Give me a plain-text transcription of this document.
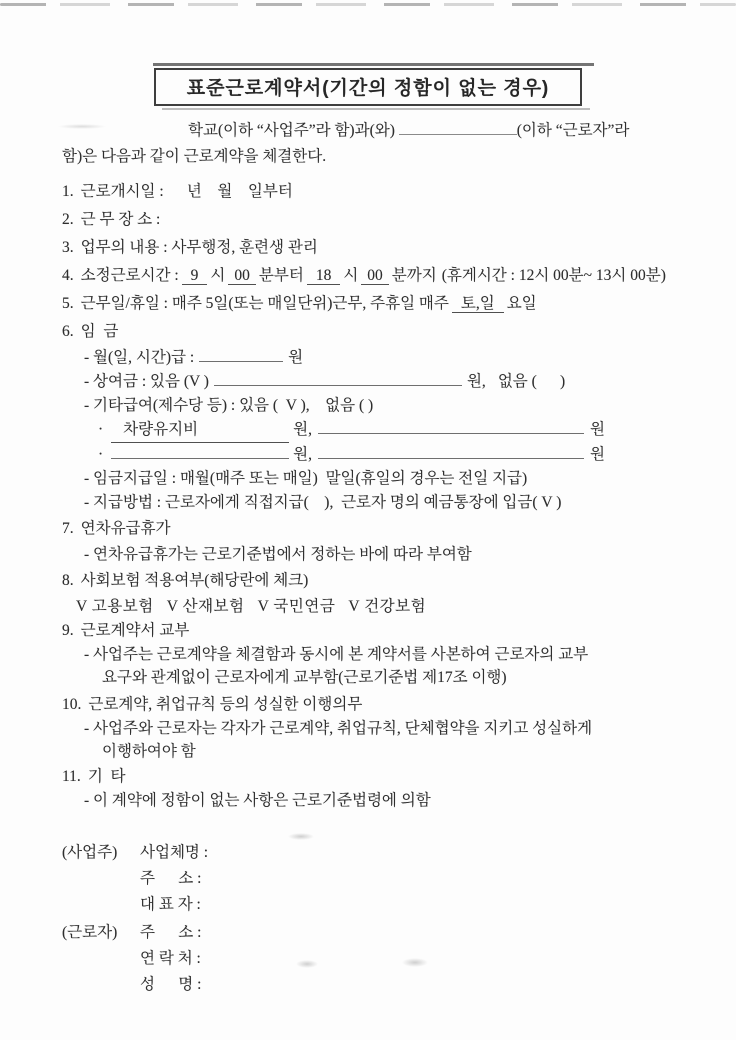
표준근로계약서(기간의 정함이 없는 경우)
학교(이하 “사업주”라 함)과(와)	(이하 “근로자”라
함)은 다음과 같이 근로계약을 체결한다.
1. 근로개시일 :      년    월    일부터
2. 근 무 장 소 :
3. 업무의 내용 : 사무행정, 훈련생 관리
4. 소정근로시간 : 9 시 00 분부터 18 시 00 분까지 (휴게시간 : 12시 00분~ 13시 00분)
5. 근무일/휴일 : 매주 5일(또는 매일단위)근무, 주휴일 매주 토,일 요일
6. 임  금
- 월(일, 시간)급 :	원
- 상여금 : 있음 (V )	원, 없음 (      )
- 기타급여(제수당 등) : 있음 (  V ),    없음 ( )
· 차량유지비	원,	원
·	원,	원
- 임금지급일 : 매월(매주 또는 매일)  말일(휴일의 경우는 전일 지급)
- 지급방법 : 근로자에게 직접지급(    ),  근로자 명의 예금통장에 입금( V )
7. 연차유급휴가
- 연차유급휴가는 근로기준법에서 정하는 바에 따라 부여함
8. 사회보험 적용여부(해당란에 체크)
V 고용보험   V 산재보험   V 국민연금   V 건강보험
9. 근로계약서 교부
- 사업주는 근로계약을 체결함과 동시에 본 계약서를 사본하여 근로자의 교부
요구와 관계없이 근로자에게 교부함(근로기준법 제17조 이행)
10. 근로계약, 취업규칙 등의 성실한 이행의무
- 사업주와 근로자는 각자가 근로계약, 취업규칙, 단체협약을 지키고 성실하게
이행하여야 함
11. 기  타
- 이 계약에 정함이 없는 사항은 근로기준법령에 의함
(사업주)	사업체명 :
주      소 :
대 표 자 :
(근로자)	주      소 :
연 락 처 :
성      명 :
